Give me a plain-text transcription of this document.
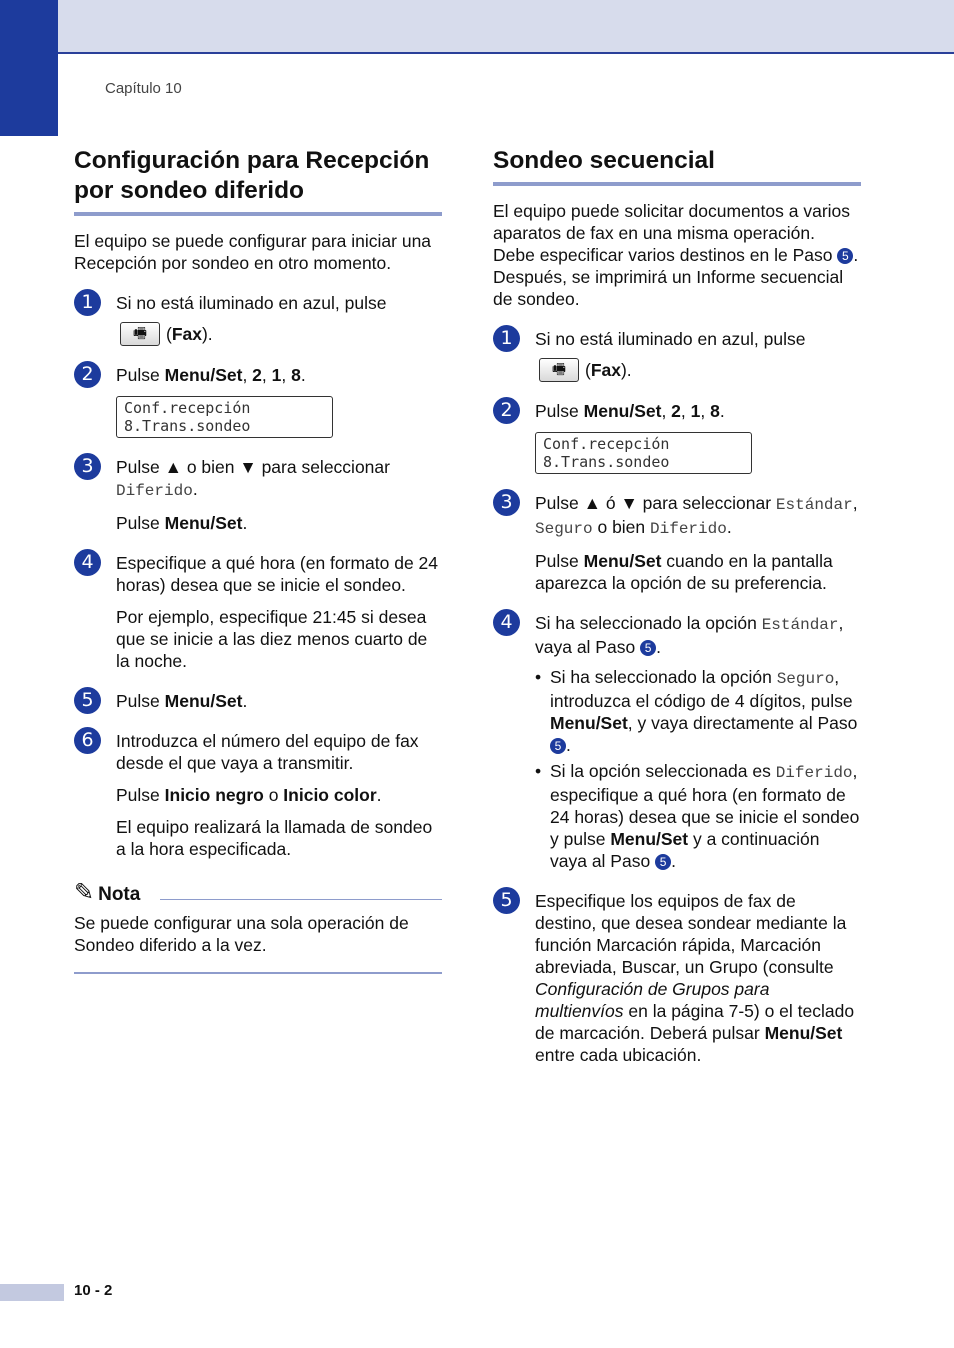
Capítulo 10
Configuración para Recepción por sondeo diferido

El equipo se puede configurar para iniciar una Recepción por sondeo en otro momento.

1	Si no está iluminado en azul, pulse

🖷	(Fax).
2	Pulse Menu/Set, 2, 1, 8.

Conf.recepción
8.Trans.sondeo
3	Pulse ▲ o bien ▼ para seleccionar Diferido.

Pulse Menu/Set.

4	Especifique a qué hora (en formato de 24 horas) desea que se inicie el sondeo.

Por ejemplo, especifique 21:45 si desea que se inicie a las diez menos cuarto de la noche.

5	Pulse Menu/Set.

6	Introduzca el número del equipo de fax desde el que vaya a transmitir.

Pulse Inicio negro o Inicio color.

El equipo realizará la llamada de sondeo a la hora especificada.

✎ Nota
Se puede configurar una sola operación de Sondeo diferido a la vez.
Sondeo secuencial

El equipo puede solicitar documentos a varios aparatos de fax en una misma operación. Debe especificar varios destinos en le Paso 5 . Después, se imprimirá un Informe secuencial de sondeo.

1	Si no está iluminado en azul, pulse

🖷	(Fax).
2	Pulse Menu/Set, 2, 1, 8.

Conf.recepción
8.Trans.sondeo
3	Pulse ▲ ó ▼ para seleccionar Estándar, Seguro o bien Diferido.

Pulse Menu/Set cuando en la pantalla aparezca la opción de su preferencia.

4	Si ha seleccionado la opción Estándar, vaya al Paso 5 .

• Si ha seleccionado la opción Seguro, introduzca el código de 4 dígitos, pulse Menu/Set, y vaya directamente al Paso 5 .
• Si la opción seleccionada es Diferido, especifique a qué hora (en formato de 24 horas) desea que se inicie el sondeo y pulse Menu/Set y a continuación vaya al Paso 5 .
5	Especifique los equipos de fax de destino, que desea sondear mediante la función Marcación rápida, Marcación abreviada, Buscar, un Grupo (consulte Configuración de Grupos para multienvíos en la página 7-5) o el teclado de marcación. Deberá pulsar Menu/Set entre cada ubicación.

10 - 2
